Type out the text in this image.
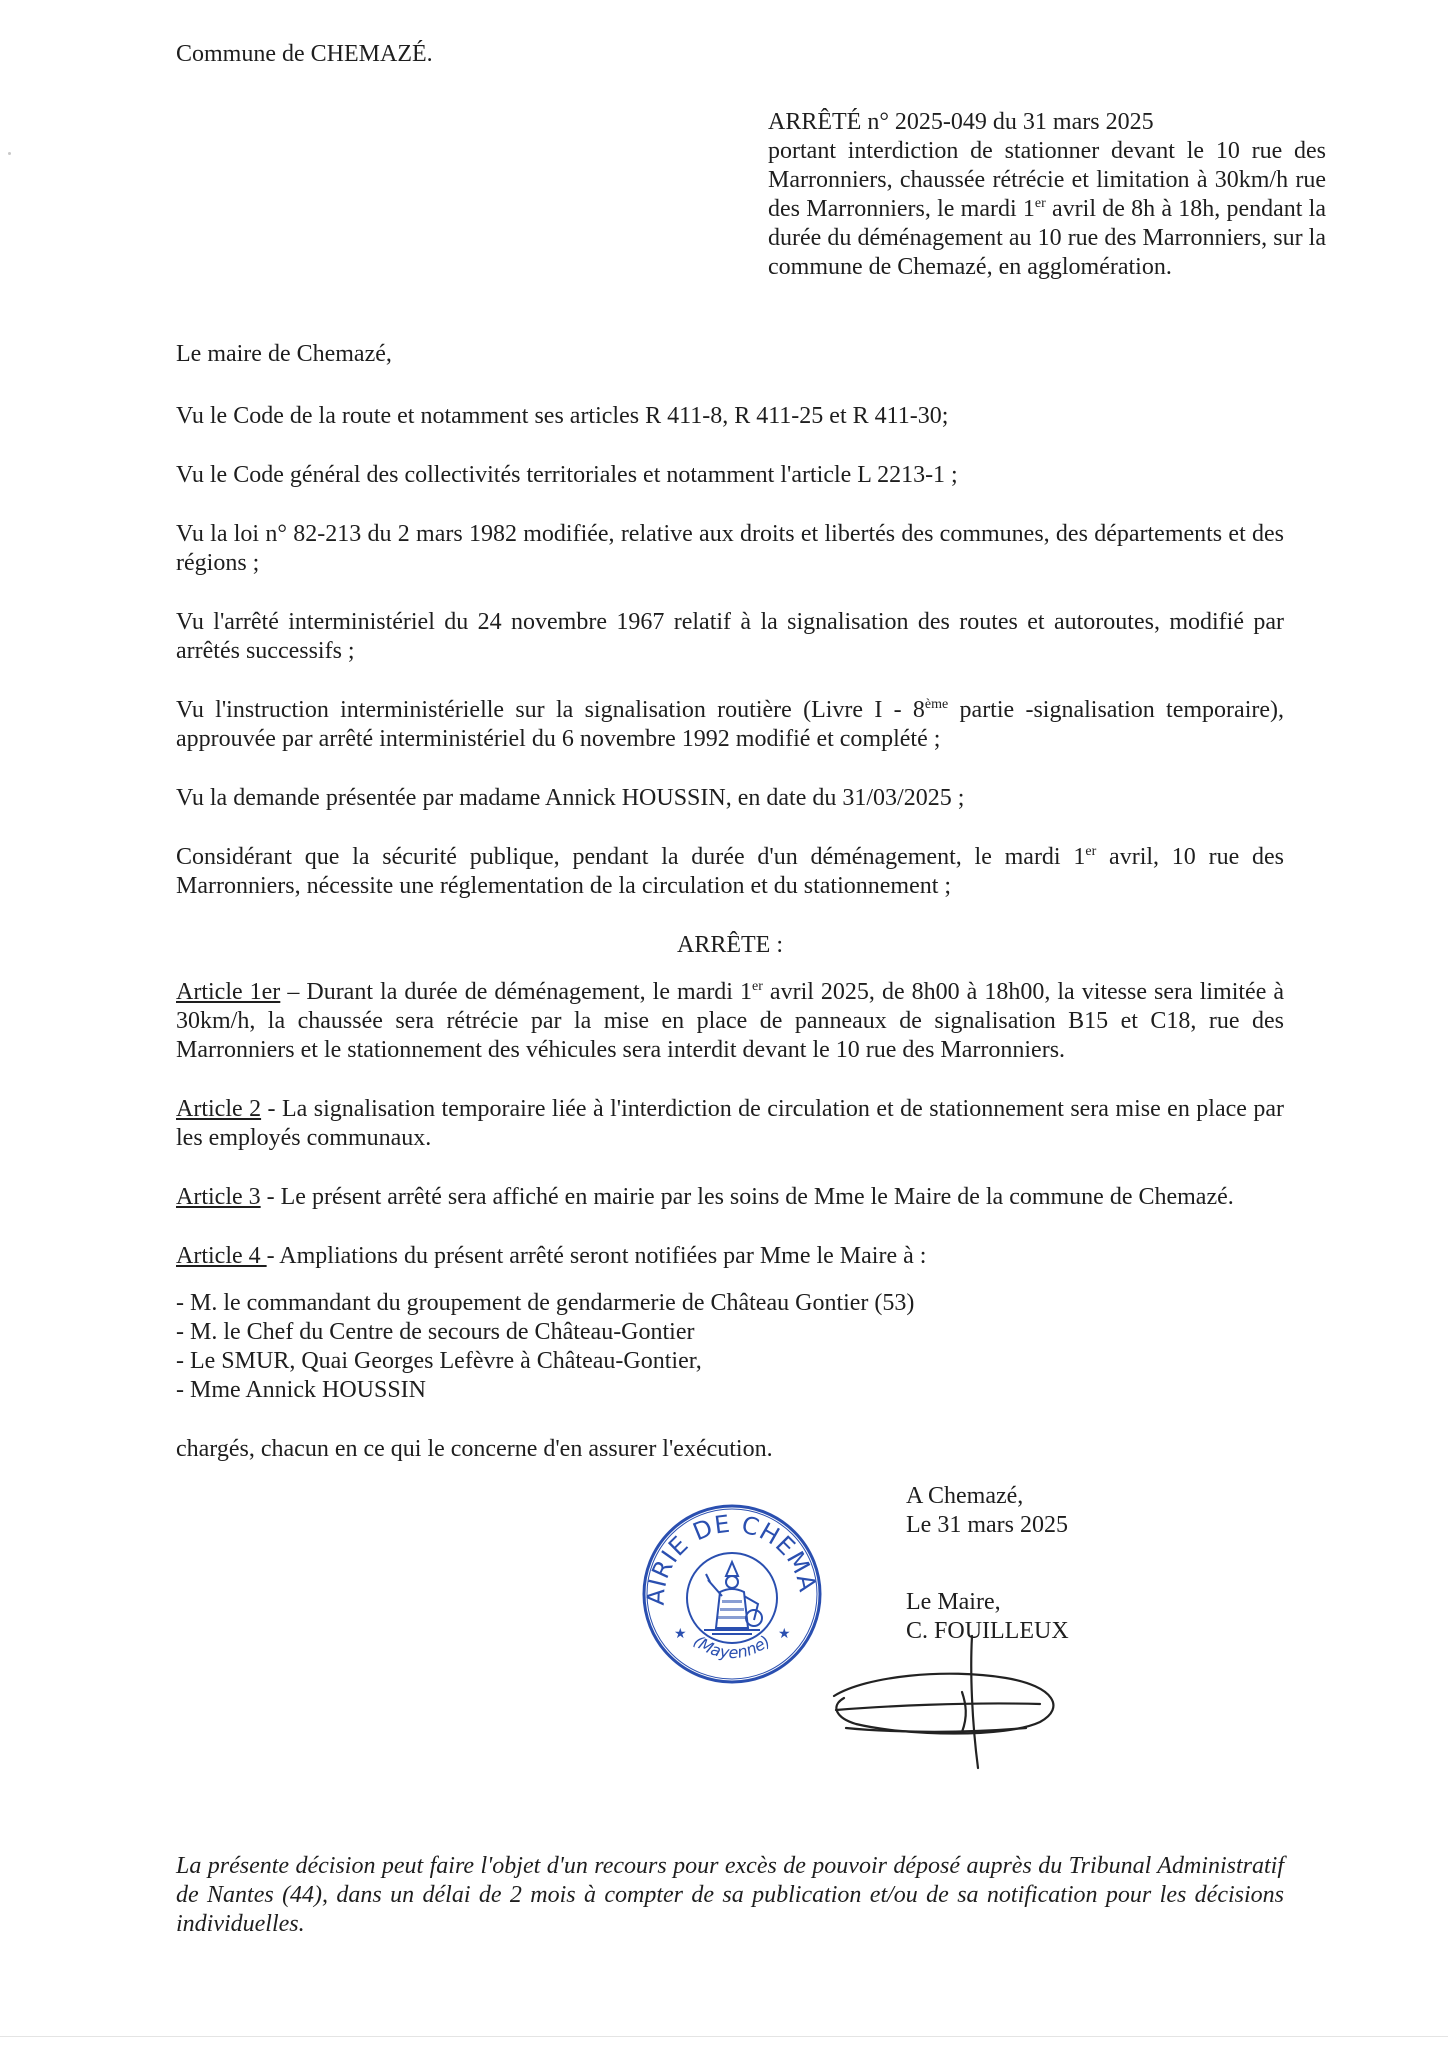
Commune de CHEMAZÉ.

ARRÊTÉ n° 2025-049 du 31 mars 2025

portant interdiction de stationner devant le 10 rue des Marronniers, chaussée rétrécie et limitation à 30km/h rue des Marronniers, le mardi 1er avril de 8h à 18h, pendant la durée du déménagement au 10 rue des Marronniers, sur la commune de Chemazé, en agglomération.

Le maire de Chemazé,

Vu le Code de la route et notamment ses articles R 411-8, R 411-25 et R 411-30;

Vu le Code général des collectivités territoriales et notamment l'article L 2213-1 ;

Vu la loi n° 82-213 du 2 mars 1982 modifiée, relative aux droits et libertés des communes, des départements et des régions ;

Vu l'arrêté interministériel du 24 novembre 1967 relatif à la signalisation des routes et autoroutes, modifié par arrêtés successifs ;

Vu l'instruction interministérielle sur la signalisation routière (Livre I - 8ème partie -signalisation temporaire), approuvée par arrêté interministériel du 6 novembre 1992 modifié et complété ;

Vu la demande présentée par madame Annick HOUSSIN, en date du 31/03/2025 ;

Considérant que la sécurité publique, pendant la durée d'un déménagement, le mardi 1er avril, 10 rue des Marronniers, nécessite une réglementation de la circulation et du stationnement ;

ARRÊTE :

Article 1er – Durant la durée de déménagement, le mardi 1er avril 2025, de 8h00 à 18h00, la vitesse sera limitée à 30km/h, la chaussée sera rétrécie par la mise en place de panneaux de signalisation B15 et C18, rue des Marronniers et le stationnement des véhicules sera interdit devant le 10 rue des Marronniers.

Article 2 - La signalisation temporaire liée à l'interdiction de circulation et de stationnement sera mise en place par les employés communaux.

Article 3 - Le présent arrêté sera affiché en mairie par les soins de Mme le Maire de la commune de Chemazé.

Article 4 - Ampliations du présent arrêté seront notifiées par Mme le Maire à :

- M. le commandant du groupement de gendarmerie de Château Gontier (53)
- M. le Chef du Centre de secours de Château-Gontier
- Le SMUR, Quai Georges Lefèvre à Château-Gontier,
- Mme Annick HOUSSIN

chargés, chacun en ce qui le concerne d'en assurer l'exécution.

A Chemazé,

Le 31 mars 2025

AIRIE DE CHEMA
(Mayenne)
★	★

Le Maire,

C. FOUILLEUX

La présente décision peut faire l'objet d'un recours pour excès de pouvoir déposé auprès du Tribunal Administratif de Nantes (44), dans un délai de 2 mois à compter de sa publication et/ou de sa notification pour les décisions individuelles.
